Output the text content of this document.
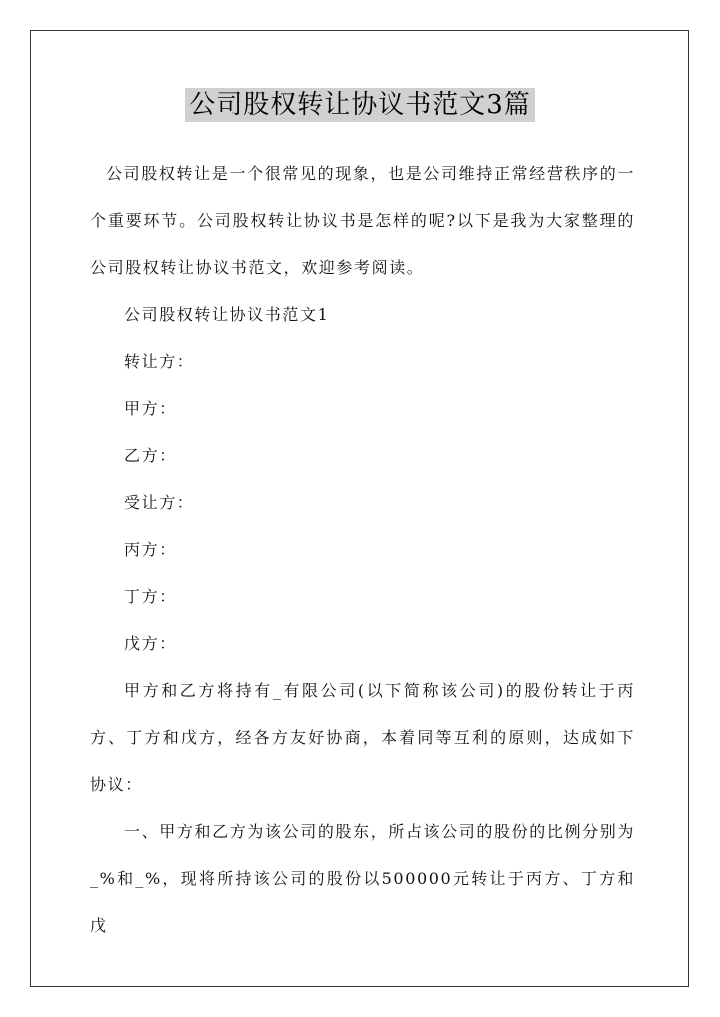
公司股权转让协议书范文3篇

公司股权转让是一个很常见的现象，也是公司维持正常经营秩序的一个重要环节。公司股权转让协议书是怎样的呢?以下是我为大家整理的公司股权转让协议书范文，欢迎参考阅读。

公司股权转让协议书范文1

转让方：

甲方：

乙方：

受让方：

丙方：

丁方：

戊方：

甲方和乙方将持有_有限公司(以下简称该公司)的股份转让于丙方、丁方和戊方，经各方友好协商，本着同等互利的原则，达成如下协议：

一、甲方和乙方为该公司的股东，所占该公司的股份的比例分别为_%和_%，现将所持该公司的股份以500000元转让于丙方、丁方和戊
